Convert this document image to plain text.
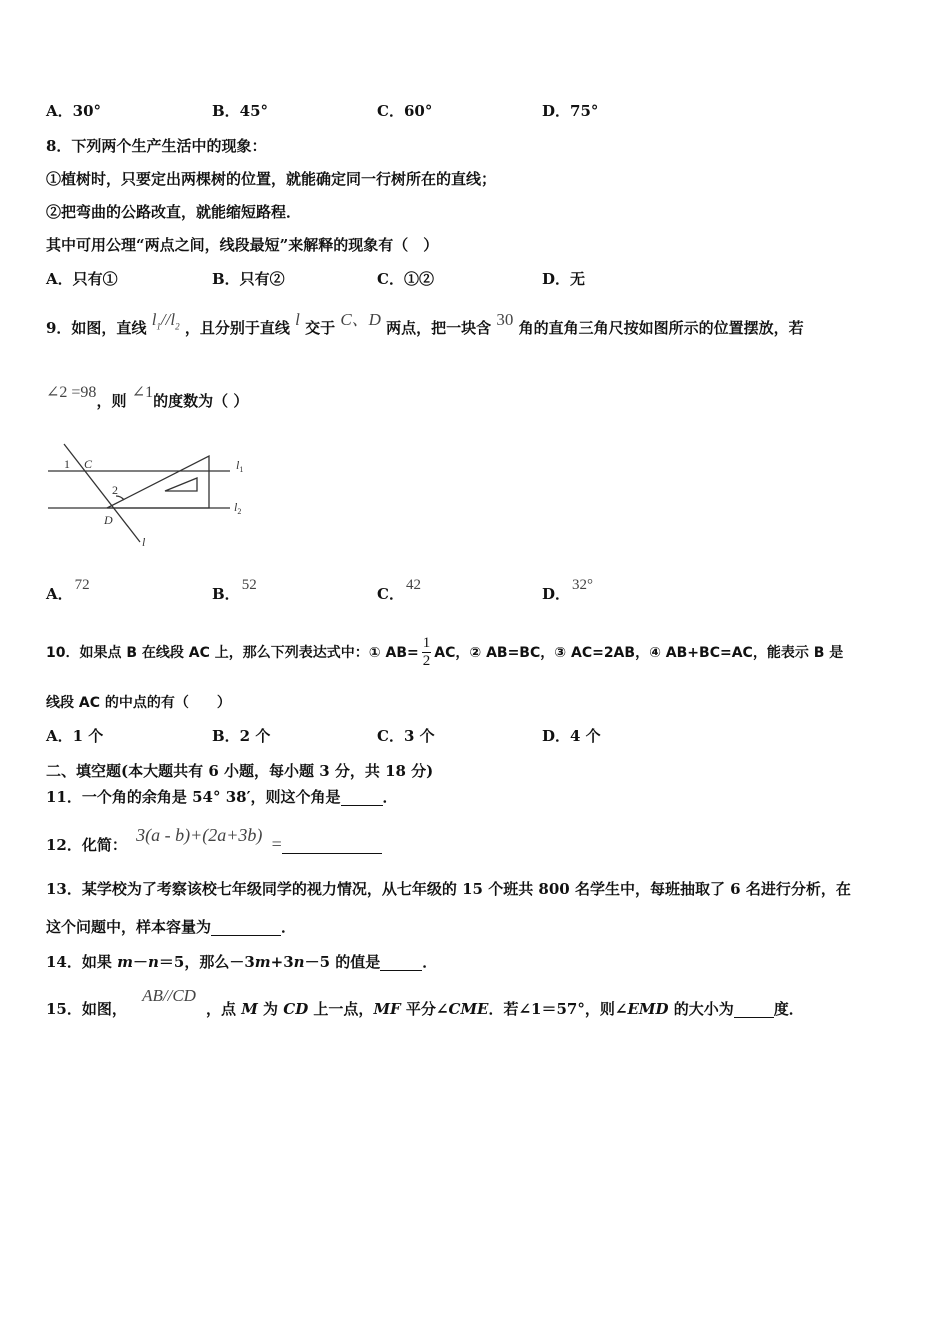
A．30°	B．45°	C．60°	D．75°
8．下列两个生产生活中的现象：
①植树时，只要定出两棵树的位置，就能确定同一行树所在的直线；
②把弯曲的公路改直，就能缩短路程．
其中可用公理“两点之间，线段最短”来解释的现象有（　）
A．只有①	B．只有②	C．①②	D．无
9．如图，直线 $l_1//l_2$ ，且分别于直线 l 交于 C、D 两点，把一块含 30 角的直角三角尺按如图所示的位置摆放，若
∠2 =98，则 ∠1的度数为（ ）
1 C
2
D
l
$l_1$
$l_2$
A． 72	B． 52	C． 42	D． 32°
10．如果点 B 在线段 AC 上，那么下列表达式中：① $AB= \frac{1}{2}$ AC，② AB=BC，③ AC=2AB，④ AB+BC=AC，能表示 B 是
线段 AC 的中点的有（　　）
A．1 个	B．2 个	C．3 个	D．4 个
二、填空题(本大题共有 6 小题，每小题 3 分，共 18 分)
11．一个角的余角是 54° 38′，则这个角是	．
12．化简： 3(a - b)+(2a+3b) =
13．某学校为了考察该校七年级同学的视力情况，从七年级的 15 个班共 800 名学生中，每班抽取了 6 名进行分析，在
这个问题中，样本容量为	．
14．如果 m－n＝5，那么－3m+3n－5 的值是	．
15．如图， AB//CD，点 M 为 CD 上一点，MF 平分∠CME．若∠1＝57°，则∠EMD 的大小为	度．
